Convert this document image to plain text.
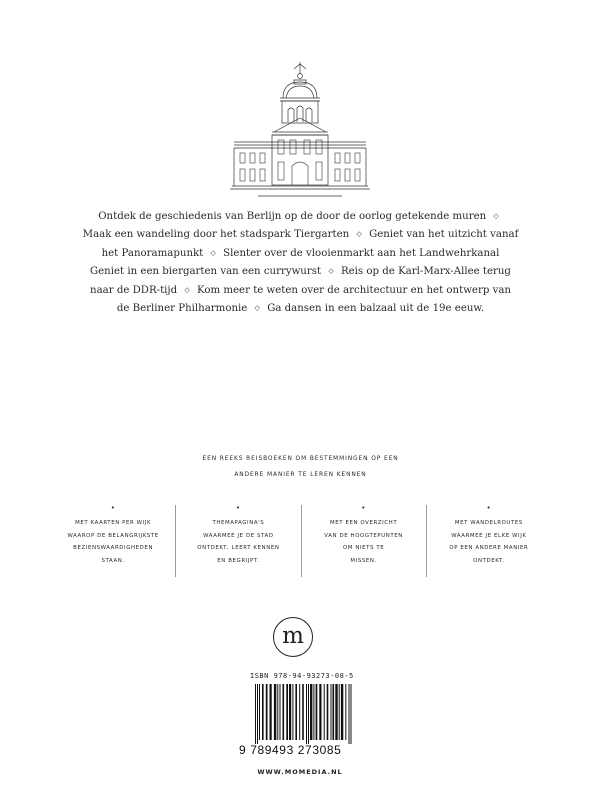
Ontdek de geschiedenis van Berlijn op de door de oorlog getekende muren ◇
Maak een wandeling door het stadspark Tiergarten ◇ Geniet van het uitzicht vanaf
het Panoramapunkt ◇ Slenter over de vlooienmarkt aan het Landwehrkanal
Geniet in een biergarten van een currywurst ◇ Reis op de Karl-Marx-Allee terug
naar de DDR-tijd ◇ Kom meer te weten over de architectuur en het ontwerp van
de Berliner Philharmonie ◇ Ga dansen in een balzaal uit de 19e eeuw.
EEN REEKS REISBOEKEN OM BESTEMMINGEN OP EEN
ANDERE MANIER TE LEREN KENNEN
•
MET KAARTEN PER WIJK
WAAROP DE BELANGRIJKSTE
BEZIENSWAARDIGHEDEN
STAAN.
•
THEMAPAGINA'S
WAARMEE JE DE STAD
ONTDEKT, LEERT KENNEN
EN BEGRIJPT.
•
MET EEN OVERZICHT
VAN DE HOOGTEPUNTEN
OM NIETS TE
MISSEN.
•
MET WANDELROUTES
WAARMEE JE ELKE WIJK
OP EEN ANDERE MANIER
ONTDEKT.
m
ISBN 978-94-93273-08-5
9 789493 273085
WWW.MOMEDIA.NL
